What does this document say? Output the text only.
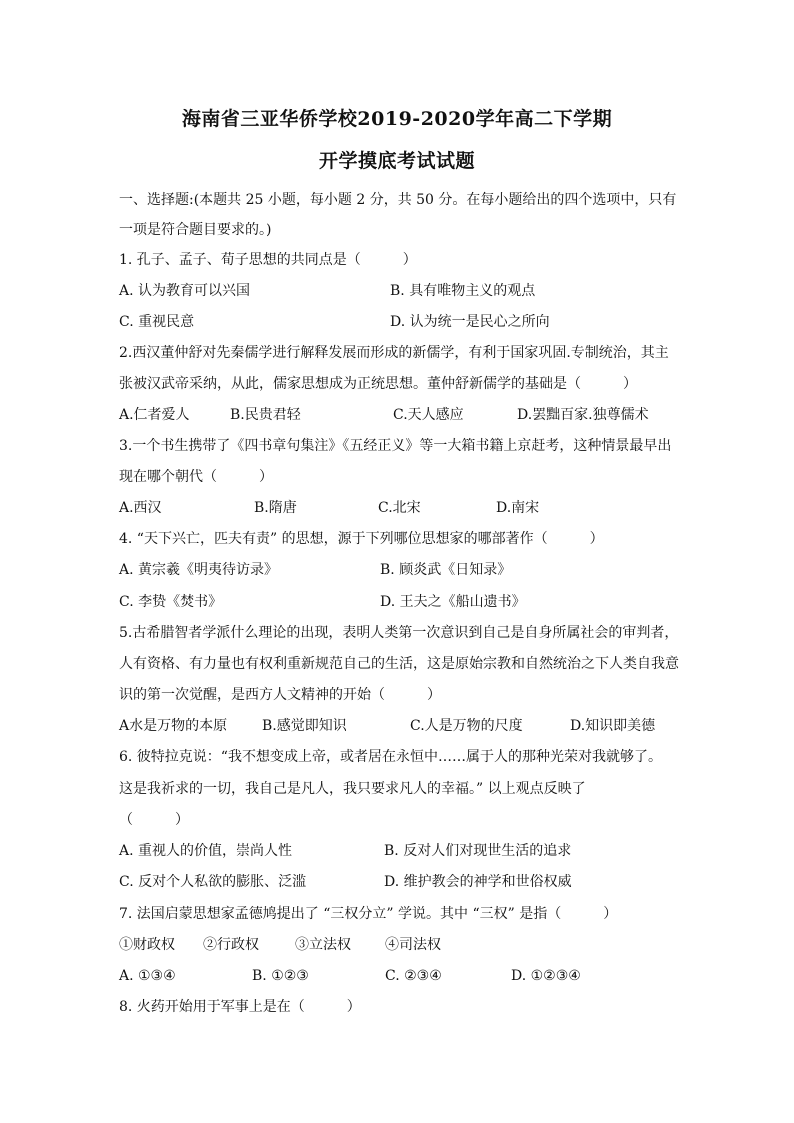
海南省三亚华侨学校2019-2020学年高二下学期
开学摸底考试试题
一、选择题:(本题共 25 小题，每小题 2 分，共 50 分。在每小题给出的四个选项中，只有
一项是符合题目要求的。)
1. 孔子、孟子、荀子思想的共同点是（　　　）
A. 认为教育可以兴国	B. 具有唯物主义的观点
C. 重视民意	D. 认为统一是民心之所向
2.西汉董仲舒对先秦儒学进行解释发展而形成的新儒学，有利于国家巩固.专制统治，其主
张被汉武帝采纳，从此，儒家思想成为正统思想。董仲舒新儒学的基础是（　　　）
A.仁者爱人	B.民贵君轻	C.天人感应	D.罢黜百家.独尊儒术
3.一个书生携带了《四书章句集注》《五经正义》等一大箱书籍上京赶考，这种情景最早出
现在哪个朝代（　　　）
A.西汉	B.隋唐	C.北宋	D.南宋
4. “天下兴亡，匹夫有责” 的思想，源于下列哪位思想家的哪部著作（　　　）
A. 黄宗羲《明夷待访录》	B. 顾炎武《日知录》
C. 李贽《焚书》	D. 王夫之《船山遗书》
5.古希腊智者学派什么理论的出现，表明人类第一次意识到自己是自身所属社会的审判者，
人有资格、有力量也有权利重新规范自己的生活，这是原始宗教和自然统治之下人类自我意
识的第一次觉醒，是西方人文精神的开始（　　　）
A水是万物的本原 B.感觉即知识	C.人是万物的尺度	D.知识即美德
6. 彼特拉克说：“我不想变成上帝，或者居在永恒中……属于人的那种光荣对我就够了。
这是我祈求的一切，我自己是凡人，我只要求凡人的幸福。” 以上观点反映了
（　　　）
A. 重视人的价值，崇尚人性	B. 反对人们对现世生活的追求
C. 反对个人私欲的膨胀、泛滥	D. 维护教会的神学和世俗权威
7. 法国启蒙思想家孟德鸠提出了 “三权分立” 学说。其中 “三权” 是指（　　　）
①财政权 ②行政权	③立法权 ④司法权
A. ①③④	B. ①②③	C. ②③④	D. ①②③④
8. 火药开始用于军事上是在（　　　）
